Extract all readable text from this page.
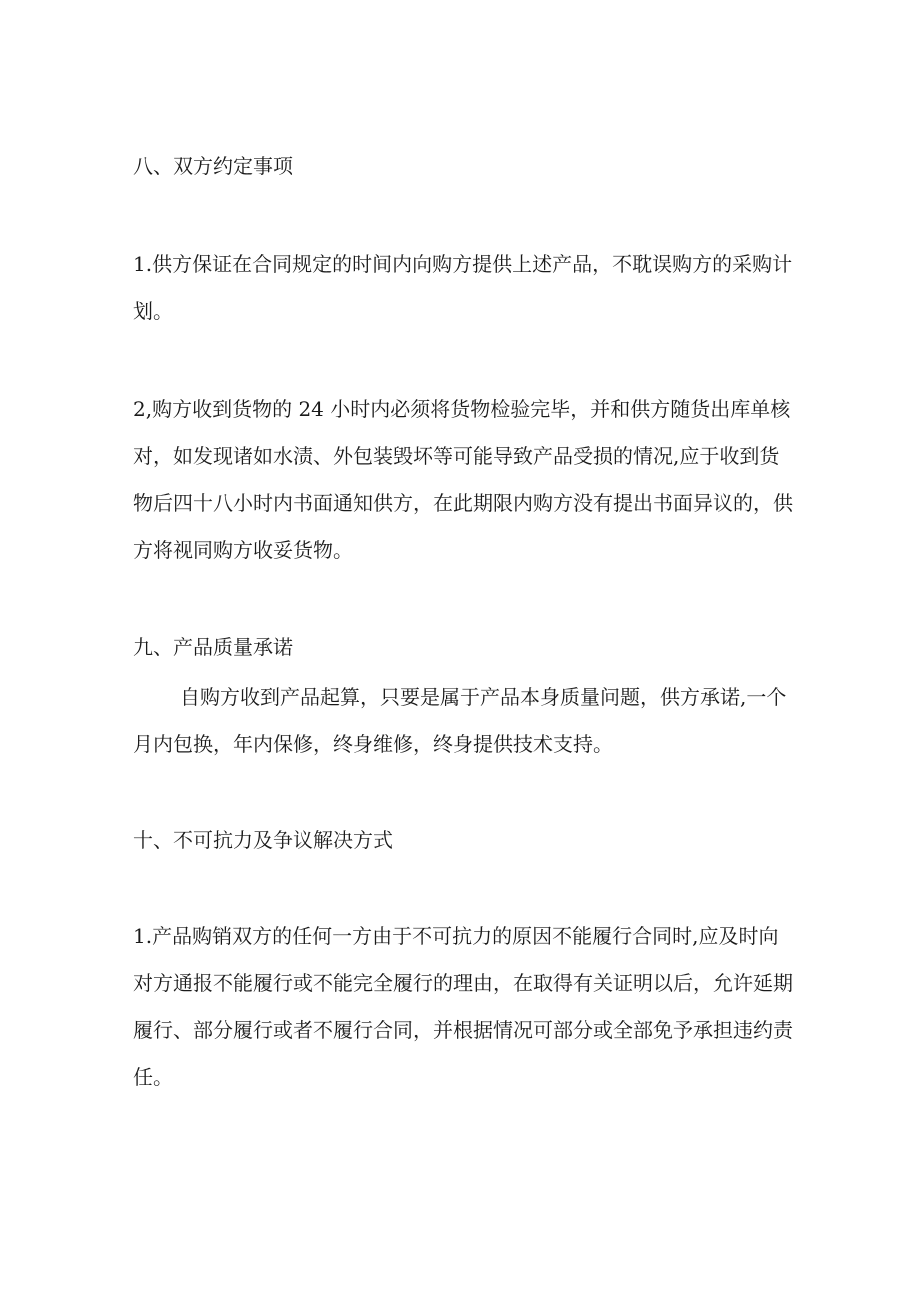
八、双方约定事项

1.供方保证在合同规定的时间内向购方提供上述产品，不耽误购方的采购计

划。

2,购方收到货物的 24 小时内必须将货物检验完毕，并和供方随货出库单核

对，如发现诸如水渍、外包装毁坏等可能导致产品受损的情况,应于收到货

物后四十八小时内书面通知供方，在此期限内购方没有提出书面异议的，供

方将视同购方收妥货物。

九、产品质量承诺

自购方收到产品起算，只要是属于产品本身质量问题，供方承诺,一个

月内包换，年内保修，终身维修，终身提供技术支持。

十、不可抗力及争议解决方式

1.产品购销双方的任何一方由于不可抗力的原因不能履行合同时,应及时向

对方通报不能履行或不能完全履行的理由，在取得有关证明以后，允许延期

履行、部分履行或者不履行合同，并根据情况可部分或全部免予承担违约责

任。
